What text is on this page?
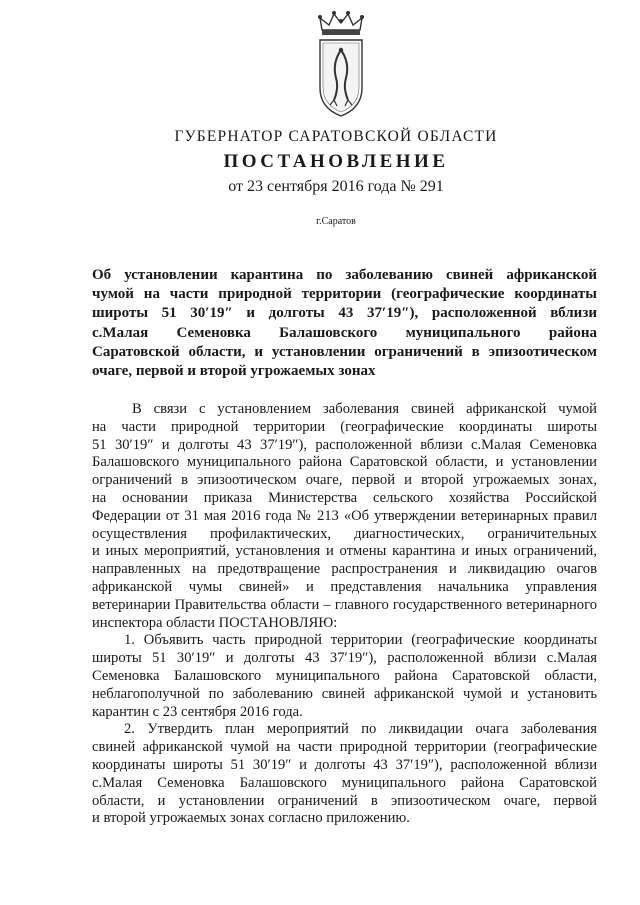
ГУБЕРНАТОР САРАТОВСКОЙ ОБЛАСТИ
ПОСТАНОВЛЕНИЕ
от 23 сентября 2016 года № 291
г.Саратов
Об установлении карантина по заболеванию свиней африканской
чумой на части природной территории (географические координаты
широты 51 30′19″ и долготы 43 37′19″), расположенной вблизи
с.Малая Семеновка Балашовского муниципального района
Саратовской области, и установлении ограничений в эпизоотическом
очаге, первой и второй угрожаемых зонах
В связи с установлением заболевания свиней африканской чумой
на части природной территории (географические координаты широты
51 30′19″ и долготы 43 37′19″), расположенной вблизи с.Малая Семеновка
Балашовского муниципального района Саратовской области, и установлении
ограничений в эпизоотическом очаге, первой и второй угрожаемых зонах,
на основании приказа Министерства сельского хозяйства Российской
Федерации от 31 мая 2016 года № 213 «Об утверждении ветеринарных правил
осуществления профилактических, диагностических, ограничительных
и иных мероприятий, установления и отмены карантина и иных ограничений,
направленных на предотвращение распространения и ликвидацию очагов
африканской чумы свиней» и представления начальника управления
ветеринарии Правительства области – главного государственного ветеринарного
инспектора области ПОСТАНОВЛЯЮ:
1. Объявить часть природной территории (географические координаты
широты 51 30′19″ и долготы 43 37′19″), расположенной вблизи с.Малая
Семеновка Балашовского муниципального района Саратовской области,
неблагополучной по заболеванию свиней африканской чумой и установить
карантин с 23 сентября 2016 года.
2. Утвердить план мероприятий по ликвидации очага заболевания
свиней африканской чумой на части природной территории (географические
координаты широты 51 30′19″ и долготы 43 37′19″), расположенной вблизи
с.Малая Семеновка Балашовского муниципального района Саратовской
области, и установлении ограничений в эпизоотическом очаге, первой
и второй угрожаемых зонах согласно приложению.
